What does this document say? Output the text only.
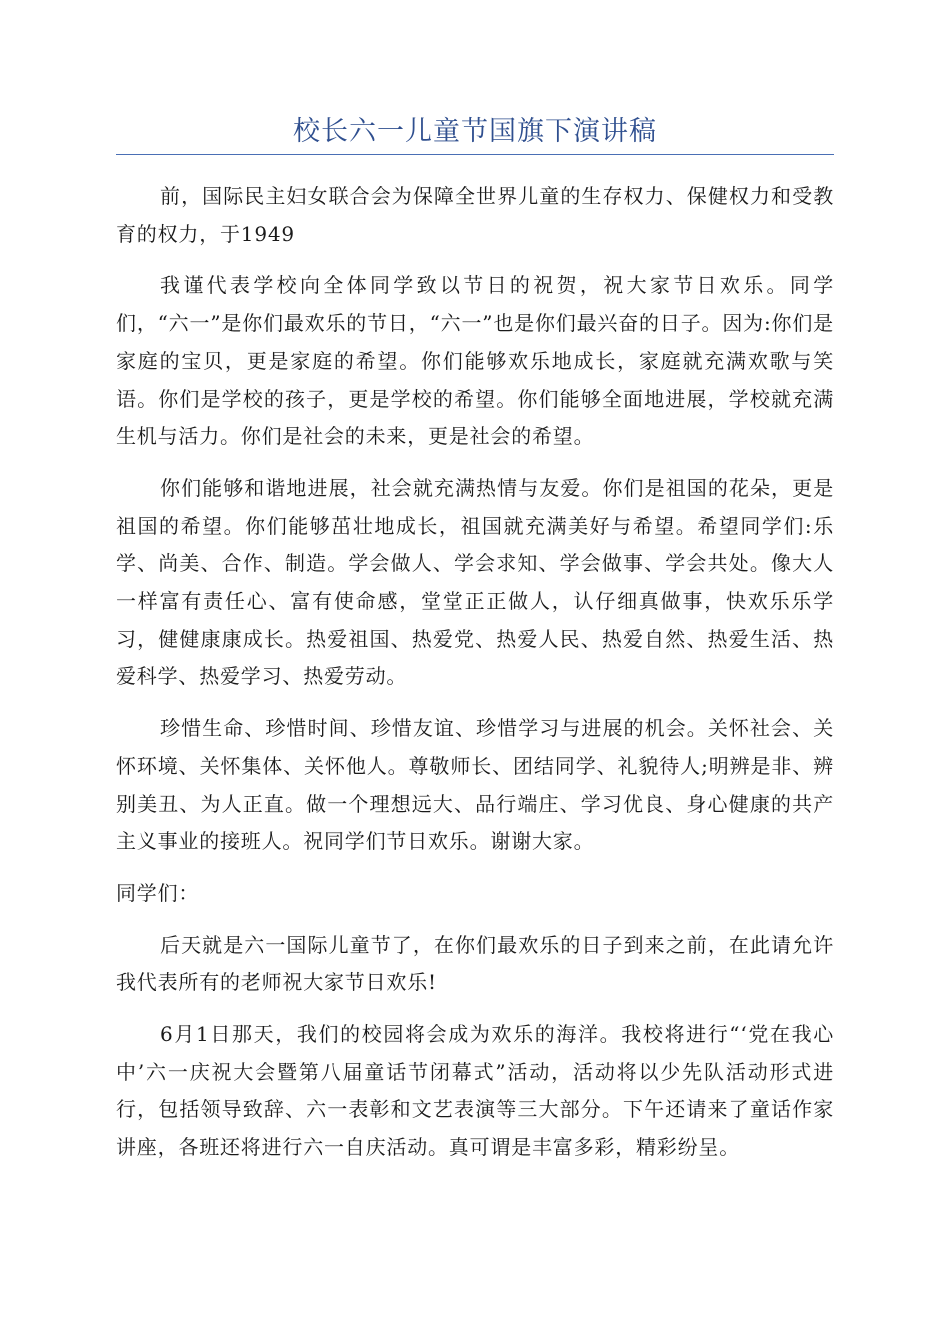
校长六一儿童节国旗下演讲稿

前，国际民主妇女联合会为保障全世界儿童的生存权力、保健权力和受教育的权力，于1949

我谨代表学校向全体同学致以节日的祝贺，祝大家节日欢乐。同学们，“六一”是你们最欢乐的节日，“六一”也是你们最兴奋的日子。因为:你们是家庭的宝贝，更是家庭的希望。你们能够欢乐地成长，家庭就充满欢歌与笑语。你们是学校的孩子，更是学校的希望。你们能够全面地进展，学校就充满生机与活力。你们是社会的未来，更是社会的希望。

你们能够和谐地进展，社会就充满热情与友爱。你们是祖国的花朵，更是祖国的希望。你们能够茁壮地成长，祖国就充满美好与希望。希望同学们:乐学、尚美、合作、制造。学会做人、学会求知、学会做事、学会共处。像大人一样富有责任心、富有使命感，堂堂正正做人，认仔细真做事，快欢乐乐学习，健健康康成长。热爱祖国、热爱党、热爱人民、热爱自然、热爱生活、热爱科学、热爱学习、热爱劳动。

珍惜生命、珍惜时间、珍惜友谊、珍惜学习与进展的机会。关怀社会、关怀环境、关怀集体、关怀他人。尊敬师长、团结同学、礼貌待人;明辨是非、辨别美丑、为人正直。做一个理想远大、品行端庄、学习优良、身心健康的共产主义事业的接班人。祝同学们节日欢乐。谢谢大家。

同学们：

后天就是六一国际儿童节了，在你们最欢乐的日子到来之前，在此请允许我代表所有的老师祝大家节日欢乐!

6月1日那天，我们的校园将会成为欢乐的海洋。我校将进行“‘党在我心中’六一庆祝大会暨第八届童话节闭幕式”活动，活动将以少先队活动形式进行，包括领导致辞、六一表彰和文艺表演等三大部分。下午还请来了童话作家讲座，各班还将进行六一自庆活动。真可谓是丰富多彩，精彩纷呈。
